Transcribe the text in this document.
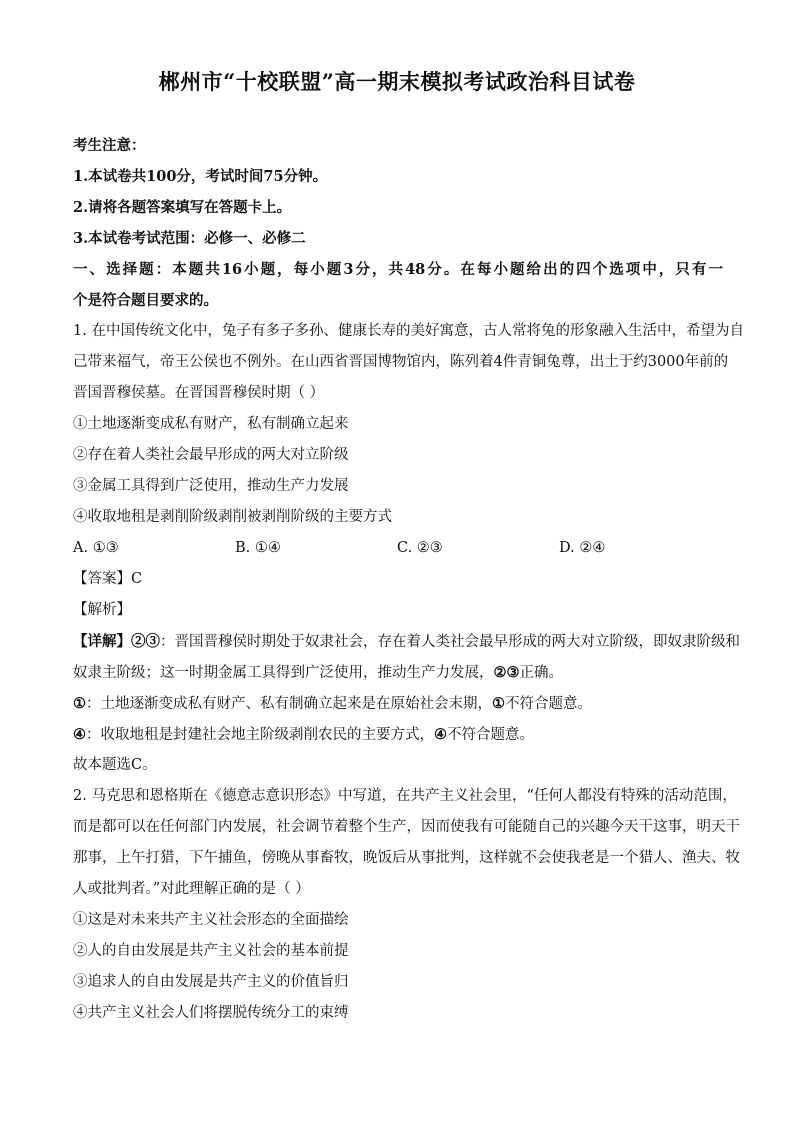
郴州市“十校联盟”高一期末模拟考试政治科目试卷
考生注意：
1.本试卷共100分，考试时间75分钟。
2.请将各题答案填写在答题卡上。
3.本试卷考试范围：必修一、必修二
一、选择题：本题共16小题，每小题3分，共48分。在每小题给出的四个选项中，只有一
个是符合题目要求的。
1. 在中国传统文化中，兔子有多子多孙、健康长寿的美好寓意，古人常将兔的形象融入生活中，希望为自
己带来福气，帝王公侯也不例外。在山西省晋国博物馆内，陈列着4件青铜兔尊，出土于约3000年前的
晋国晋穆侯墓。在晋国晋穆侯时期（ ）
①土地逐渐变成私有财产，私有制确立起来
②存在着人类社会最早形成的两大对立阶级
③金属工具得到广泛使用，推动生产力发展
④收取地租是剥削阶级剥削被剥削阶级的主要方式
A. ①③	B. ①④	C. ②③	D. ②④
【答案】C
【解析】
【详解】②③：晋国晋穆侯时期处于奴隶社会，存在着人类社会最早形成的两大对立阶级，即奴隶阶级和
奴隶主阶级；这一时期金属工具得到广泛使用，推动生产力发展，②③正确。
①：土地逐渐变成私有财产、私有制确立起来是在原始社会末期，①不符合题意。
④：收取地租是封建社会地主阶级剥削农民的主要方式，④不符合题意。
故本题选C。
2. 马克思和恩格斯在《德意志意识形态》中写道，在共产主义社会里，“任何人都没有特殊的活动范围，
而是都可以在任何部门内发展，社会调节着整个生产，因而使我有可能随自己的兴趣今天干这事，明天干
那事，上午打猎，下午捕鱼，傍晚从事畜牧，晚饭后从事批判，这样就不会使我老是一个猎人、渔夫、牧
人或批判者。”对此理解正确的是（ ）
①这是对未来共产主义社会形态的全面描绘
②人的自由发展是共产主义社会的基本前提
③追求人的自由发展是共产主义的价值旨归
④共产主义社会人们将摆脱传统分工的束缚
